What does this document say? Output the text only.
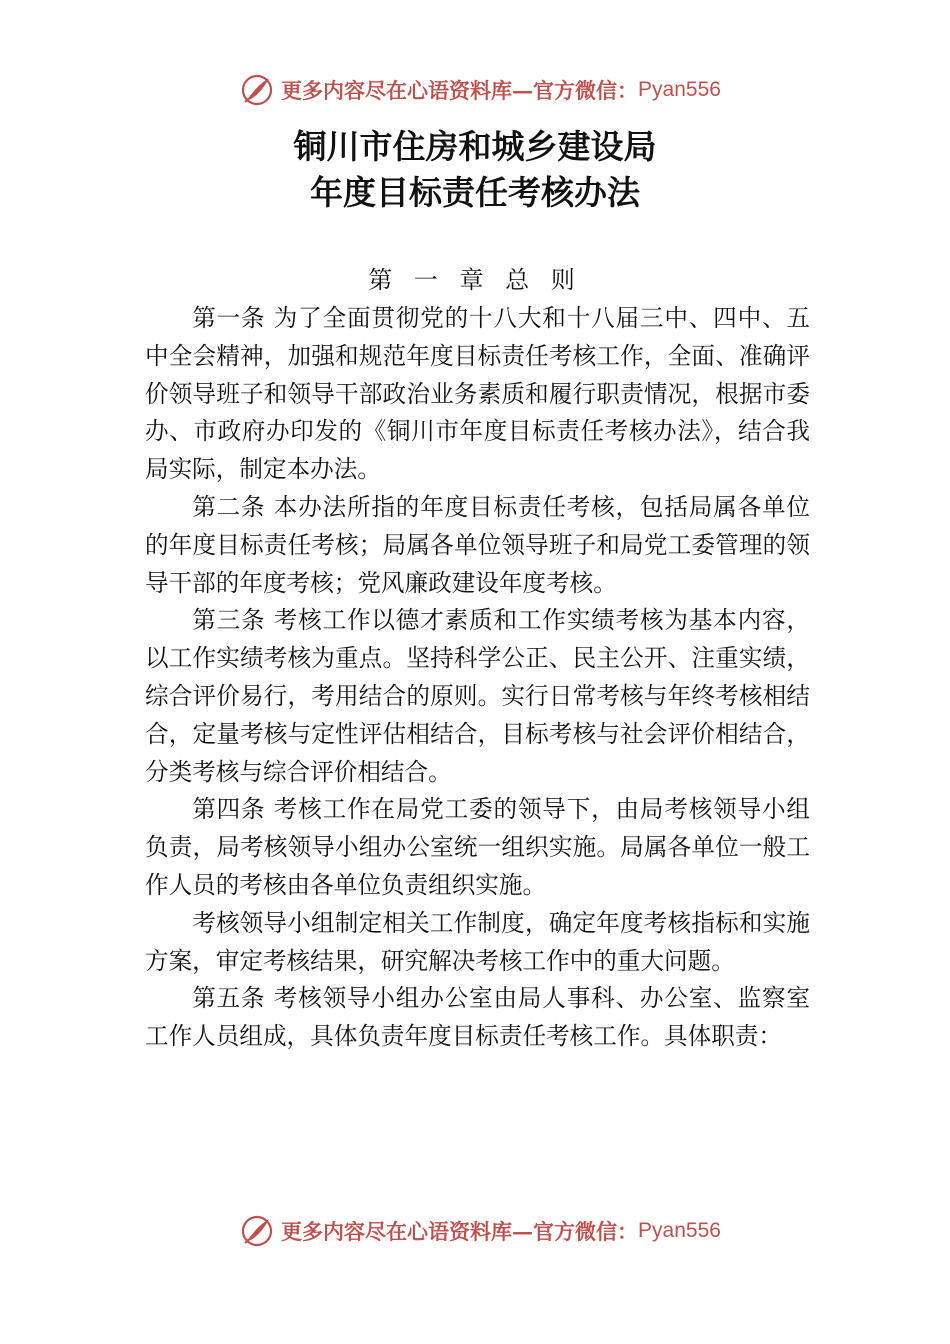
更多内容尽在心语资料库—官方微信： Pyan556
铜川市住房和城乡建设局
年度目标责任考核办法
第 一 章 总 则

第一条 为了全面贯彻党的十八大和十八届三中、四中、五中全会精神，加强和规范年度目标责任考核工作，全面、准确评价领导班子和领导干部政治业务素质和履行职责情况，根据市委办、市政府办印发的《铜川市年度目标责任考核办法》，结合我局实际，制定本办法。

第二条 本办法所指的年度目标责任考核，包括局属各单位的年度目标责任考核；局属各单位领导班子和局党工委管理的领导干部的年度考核；党风廉政建设年度考核。

第三条 考核工作以德才素质和工作实绩考核为基本内容，以工作实绩考核为重点。坚持科学公正、民主公开、注重实绩，综合评价易行，考用结合的原则。实行日常考核与年终考核相结合，定量考核与定性评估相结合，目标考核与社会评价相结合，分类考核与综合评价相结合。

第四条 考核工作在局党工委的领导下，由局考核领导小组负责，局考核领导小组办公室统一组织实施。局属各单位一般工作人员的考核由各单位负责组织实施。

考核领导小组制定相关工作制度，确定年度考核指标和实施方案，审定考核结果，研究解决考核工作中的重大问题。

第五条 考核领导小组办公室由局人事科、办公室、监察室工作人员组成，具体负责年度目标责任考核工作。具体职责：

更多内容尽在心语资料库—官方微信： Pyan556
